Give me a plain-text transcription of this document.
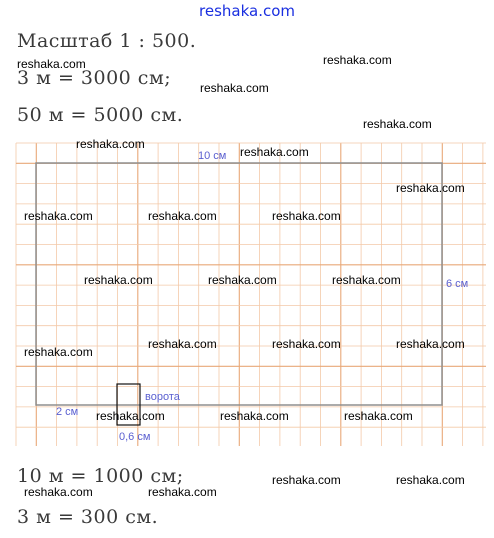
reshaka.com
Масштаб 1 : 500.
3 м = 3000 см;
50 м = 5000 см.
10 м = 1000 см;
3 м = 300 см.
10 см
6 см
2 см
ворота
0,6 см
reshaka.com	reshaka.com
reshaka.com
reshaka.com
reshaka.com
reshaka.com
reshaka.com
reshaka.com	reshaka.com	reshaka.com
reshaka.com	reshaka.com	reshaka.com
reshaka.com
reshaka.com	reshaka.com	reshaka.com
reshaka.com	reshaka.com	reshaka.com
reshaka.com	reshaka.com
reshaka.com	reshaka.com
